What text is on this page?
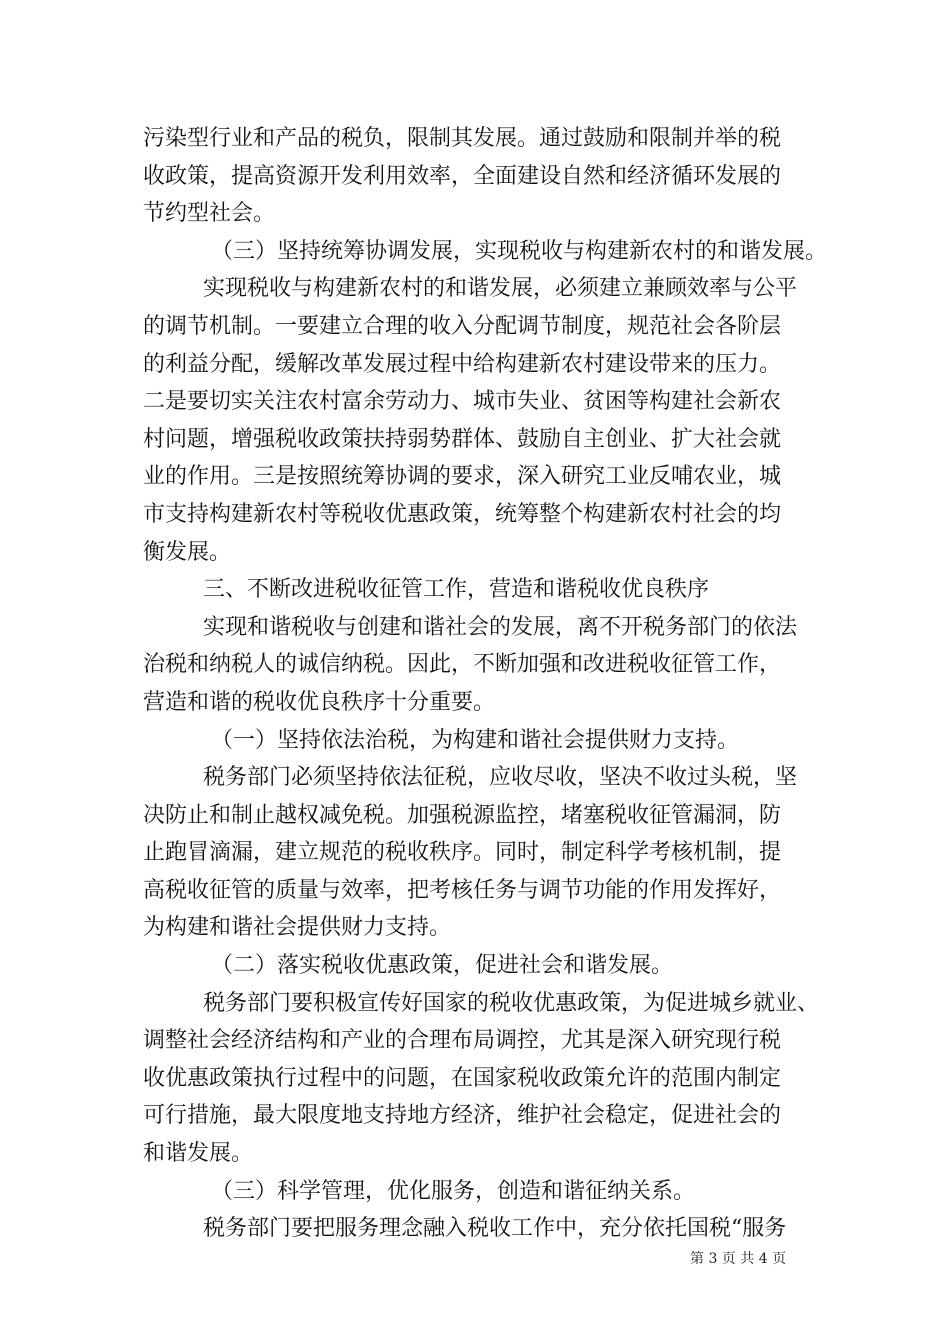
污染型行业和产品的税负，限制其发展。通过鼓励和限制并举的税
收政策，提高资源开发利用效率，全面建设自然和经济循环发展的
节约型社会。
（三）坚持统筹协调发展，实现税收与构建新农村的和谐发展。
实现税收与构建新农村的和谐发展，必须建立兼顾效率与公平
的调节机制。一要建立合理的收入分配调节制度，规范社会各阶层
的利益分配，缓解改革发展过程中给构建新农村建设带来的压力。
二是要切实关注农村富余劳动力、城市失业、贫困等构建社会新农
村问题，增强税收政策扶持弱势群体、鼓励自主创业、扩大社会就
业的作用。三是按照统筹协调的要求，深入研究工业反哺农业，城
市支持构建新农村等税收优惠政策，统筹整个构建新农村社会的均
衡发展。
三、不断改进税收征管工作，营造和谐税收优良秩序
实现和谐税收与创建和谐社会的发展，离不开税务部门的依法
治税和纳税人的诚信纳税。因此，不断加强和改进税收征管工作，
营造和谐的税收优良秩序十分重要。
（一）坚持依法治税，为构建和谐社会提供财力支持。
税务部门必须坚持依法征税，应收尽收，坚决不收过头税，坚
决防止和制止越权减免税。加强税源监控，堵塞税收征管漏洞，防
止跑冒滴漏，建立规范的税收秩序。同时，制定科学考核机制，提
高税收征管的质量与效率，把考核任务与调节功能的作用发挥好，
为构建和谐社会提供财力支持。
（二）落实税收优惠政策，促进社会和谐发展。
税务部门要积极宣传好国家的税收优惠政策，为促进城乡就业、
调整社会经济结构和产业的合理布局调控，尤其是深入研究现行税
收优惠政策执行过程中的问题，在国家税收政策允许的范围内制定
可行措施，最大限度地支持地方经济，维护社会稳定，促进社会的
和谐发展。
（三）科学管理，优化服务，创造和谐征纳关系。
税务部门要把服务理念融入税收工作中，充分依托国税“服务
第 3 页 共 4 页
